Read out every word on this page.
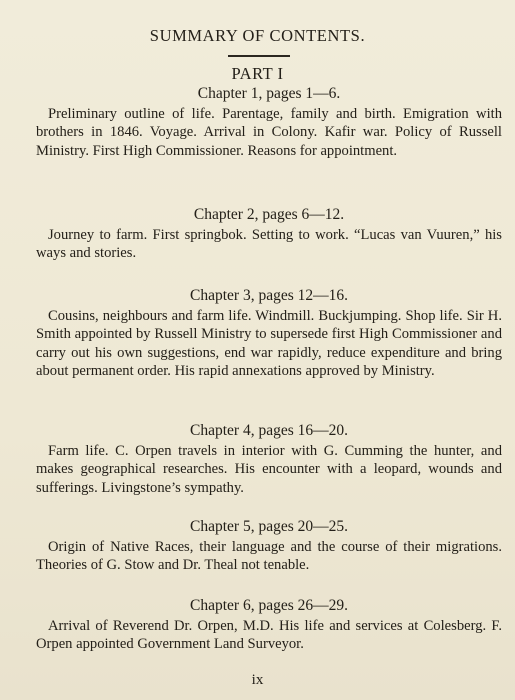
SUMMARY OF CONTENTS.
PART I

Chapter 1, pages 1—6.

Preliminary outline of life. Parentage, family and birth. Emigration with brothers in 1846. Voyage. Arrival in Colony. Kafir war. Policy of Russell Ministry. First High Commissioner. Reasons for appointment.

Chapter 2, pages 6—12.

Journey to farm. First springbok. Setting to work. “Lucas van Vuuren,” his ways and stories.

Chapter 3, pages 12—16.

Cousins, neighbours and farm life. Windmill. Buckjumping. Shop life. Sir H. Smith appointed by Russell Ministry to supersede first High Commissioner and carry out his own suggestions, end war rapidly, reduce expenditure and bring about permanent order. His rapid annexations approved by Ministry.

Chapter 4, pages 16—20.

Farm life. C. Orpen travels in interior with G. Cumming the hunter, and makes geographical researches. His encounter with a leopard, wounds and sufferings. Livingstone’s sympathy.

Chapter 5, pages 20—25.

Origin of Native Races, their language and the course of their migrations. Theories of G. Stow and Dr. Theal not tenable.

Chapter 6, pages 26—29.

Arrival of Reverend Dr. Orpen, M.D. His life and services at Colesberg. F. Orpen appointed Government Land Surveyor.

ix
